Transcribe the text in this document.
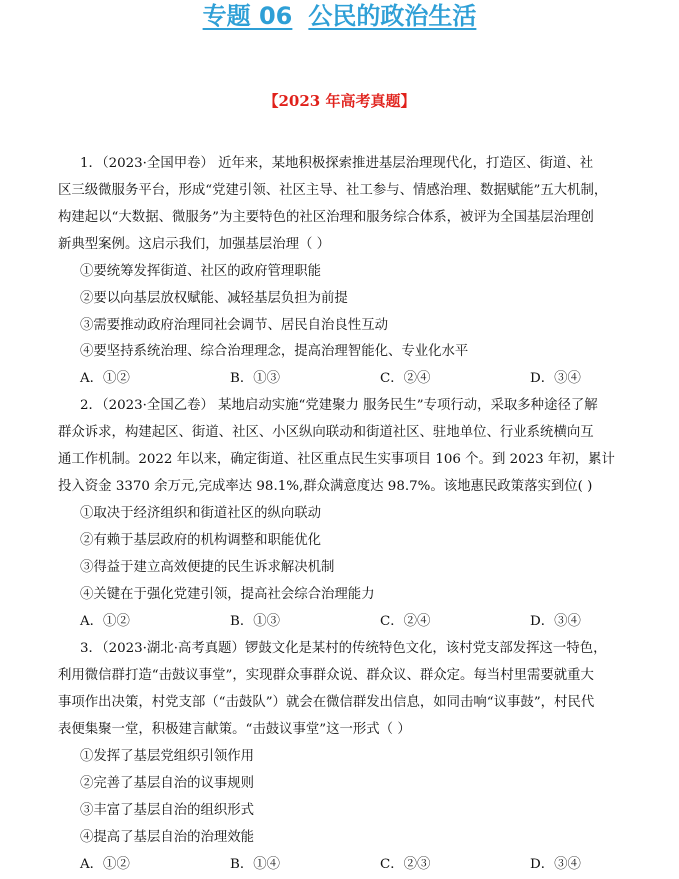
专题 06 公民的政治生活
【2023 年高考真题】
1．（2023·全国甲卷） 近年来，某地积极探索推进基层治理现代化，打造区、街道、社
区三级微服务平台，形成“党建引领、社区主导、社工参与、情感治理、数据赋能”五大机制，
构建起以“大数据、微服务”为主要特色的社区治理和服务综合体系，被评为全国基层治理创
新典型案例。这启示我们，加强基层治理（ ）
①要统筹发挥街道、社区的政府管理职能
②要以向基层放权赋能、减轻基层负担为前提
③需要推动政府治理同社会调节、居民自治良性互动
④要坚持系统治理、综合治理理念，提高治理智能化、专业化水平
A．①②	B．①③	C．②④	D．③④
2．（2023·全国乙卷） 某地启动实施“党建聚力 服务民生”专项行动，采取多种途径了解
群众诉求，构建起区、街道、社区、小区纵向联动和街道社区、驻地单位、行业系统横向互
通工作机制。2022 年以来，确定街道、社区重点民生实事项目 106 个。到 2023 年初，累计
投入资金 3370 余万元,完成率达 98.1%,群众满意度达 98.7%。该地惠民政策落实到位( )
①取决于经济组织和街道社区的纵向联动
②有赖于基层政府的机构调整和职能优化
③得益于建立高效便捷的民生诉求解决机制
④关键在于强化党建引领，提高社会综合治理能力
A．①②	B．①③	C．②④	D．③④
3．（2023·湖北·高考真题）锣鼓文化是某村的传统特色文化，该村党支部发挥这一特色，
利用微信群打造“击鼓议事堂”，实现群众事群众说、群众议、群众定。每当村里需要就重大
事项作出决策，村党支部（“击鼓队”）就会在微信群发出信息，如同击响“议事鼓”，村民代
表便集聚一堂，积极建言献策。“击鼓议事堂”这一形式（ ）
①发挥了基层党组织引领作用
②完善了基层自治的议事规则
③丰富了基层自治的组织形式
④提高了基层自治的治理效能
A．①②	B．①④	C．②③	D．③④
